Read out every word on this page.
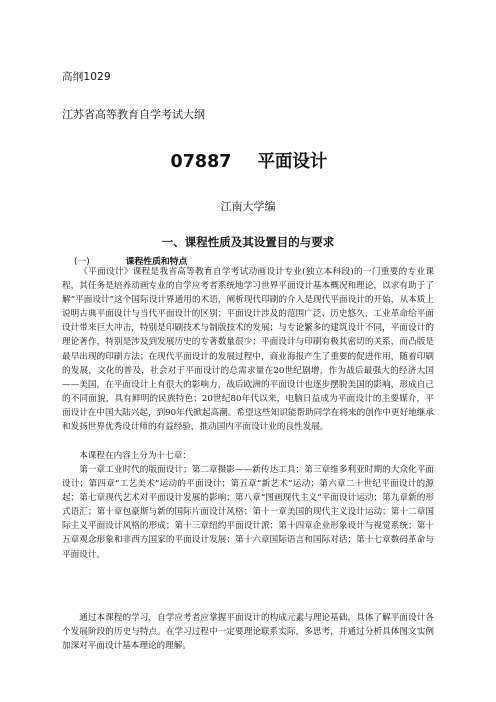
高纲1029
江苏省高等教育自学考试大纲
07887 平面设计
江南大学编
一、课程性质及其设置目的与要求
(一)	课程性质和特点

《平面设计》课程是我省高等教育自学考试动画设计专业(独立本科段)的一门重要的专业课程，其任务是培养动画专业的自学应考者系统地学习世界平面设计基本概况和理论，以求有助于了解“平面设计”这个国际设计界通用的术语，阐析现代印刷的介入是现代平面设计的开始，从本质上说明古典平面设计与当代平面设计的区别；平面设计涉及的范围广泛、历史悠久，工业革命给平面设计带来巨大冲击，特别是印刷技术与制版技术的发展；与专论繁多的建筑设计不同，平面设计的理论著作，特别是涉及到发展历史的专著数量很少；平面设计与印刷有极其密切的关系，而凸版是最早出现的印刷方法；在现代平面设计的发展过程中，商业海报产生了重要的促进作用，随着印刷的发展，文化的普及，社会对于平面设计的总需求量在20世纪剧增，作为战后最强大的经济大国——美国，在平面设计上有很大的影响力，战后欧洲的平面设计也逐步摆脱美国的影响，形成自己的不同面貌，具有鲜明的民族特色；20世纪80年代以来，电脑日益成为平面设计的主要媒介，平面设计在中国大陆兴起，到90年代掀起高潮。希望这些知识能帮助同学在将来的创作中更好地继承和发扬世界优秀设计师的有益经验，推动国内平面设计业的良性发展。

本课程在内容上分为十七章：

第一章工业时代的版面设计；第二章摄影——新传达工具；第三章维多利亚时期的大众化平面设计；第四章“工艺美术”运动的平面设计；第五章“新艺术”运动；第六章二十世纪平面设计的源起；第七章现代艺术对平面设计发展的影响；第八章“图画现代主义”平面设计运动；第九章新的形式语汇；第十章包豪斯与新的国际片面设计风格；第十一章美国的现代主义设计运动；第十二章国际主义平面设计风格的形成；第十三章纽约平面设计派；第十四章企业形象设计与视觉系统；第十五章观念形象和非西方国家的平面设计发展；第十六章国际语言和国际对话；第十七章数码革命与平面设计。

通过本课程的学习，自学应考者应掌握平面设计的构成元素与理论基础，具体了解平面设计各个发展阶段的历史与特点。在学习过程中一定要理论联系实际，多思考，并通过分析具体图文实例加深对平面设计基本理论的理解。
